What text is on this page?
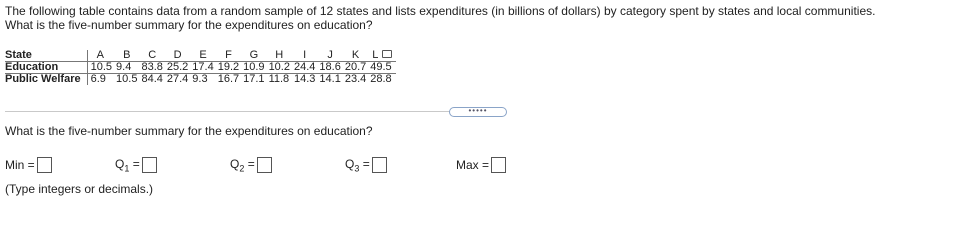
The following table contains data from a random sample of 12 states and lists expenditures (in billions of dollars) by category spent by states and local communities.
What is the five-number summary for the expenditures on education?
State	A	B	C	D	E	F	G	H	I	J	K	L
Education	10.5	9.4	83.8	25.2	17.4	19.2	10.9	10.2	24.4	18.6	20.7	49.5
Public Welfare	6.9	10.5	84.4	27.4	9.3	16.7	17.1	11.8	14.3	14.1	23.4	28.8
•••••
What is the five-number summary for the expenditures on education?
Min =	$Q_1$ =	$Q_2$ =	$Q_3$ =	Max =
(Type integers or decimals.)
